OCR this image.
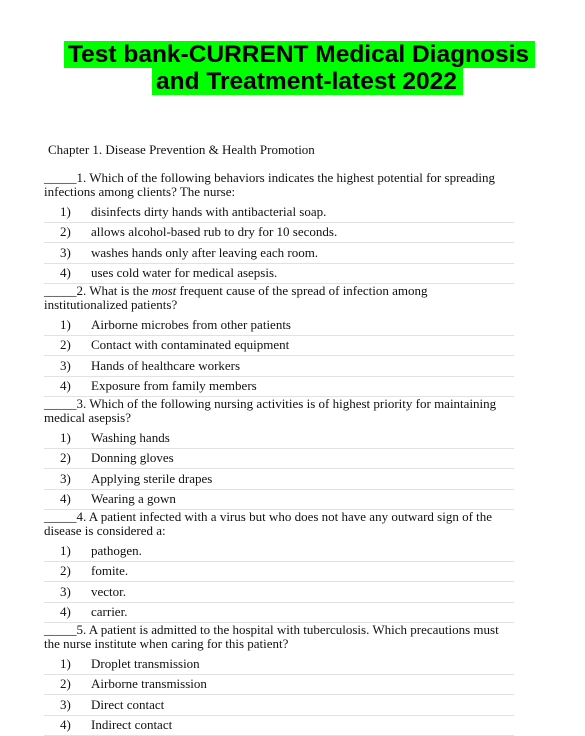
Test bank-CURRENT Medical Diagnosis
and Treatment-latest 2022
Chapter 1. Disease Prevention & Health Promotion
_____1. Which of the following behaviors indicates the highest potential for spreading infections among clients? The nurse:
1)	disinfects dirty hands with antibacterial soap.
2)	allows alcohol-based rub to dry for 10 seconds.
3)	washes hands only after leaving each room.
4)	uses cold water for medical asepsis.
_____2. What is the most frequent cause of the spread of infection among institutionalized patients?
1)	Airborne microbes from other patients
2)	Contact with contaminated equipment
3)	Hands of healthcare workers
4)	Exposure from family members
_____3. Which of the following nursing activities is of highest priority for maintaining medical asepsis?
1)	Washing hands
2)	Donning gloves
3)	Applying sterile drapes
4)	Wearing a gown
_____4. A patient infected with a virus but who does not have any outward sign of the disease is considered a:
1)	pathogen.
2)	fomite.
3)	vector.
4)	carrier.
_____5. A patient is admitted to the hospital with tuberculosis. Which precautions must the nurse institute when caring for this patient?
1)	Droplet transmission
2)	Airborne transmission
3)	Direct contact
4)	Indirect contact
